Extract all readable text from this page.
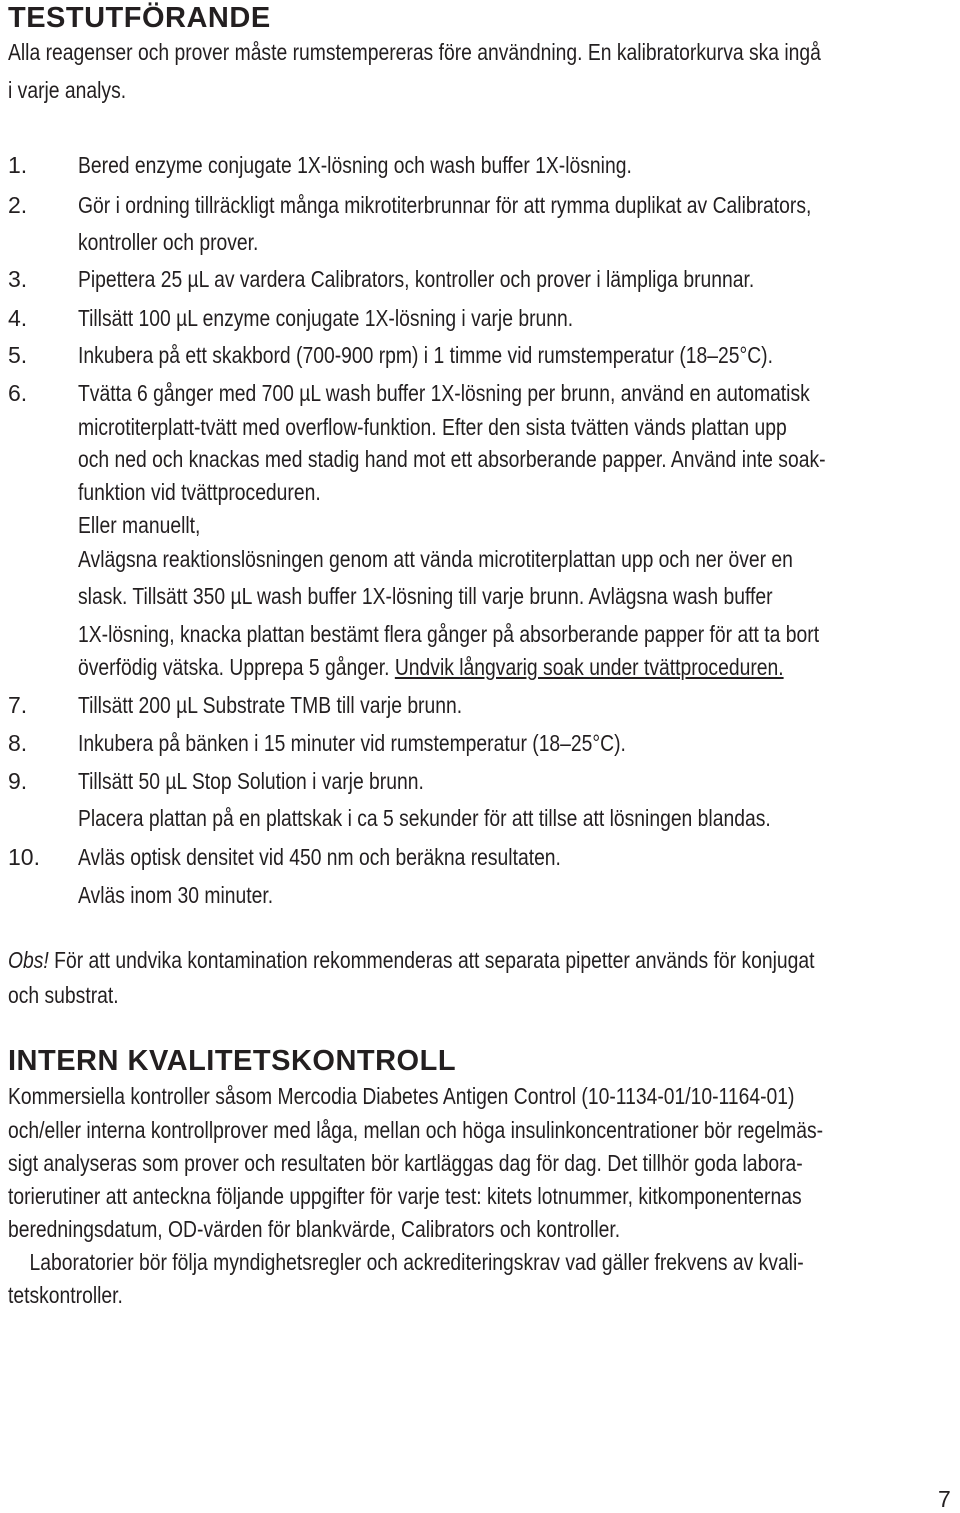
TESTUTFÖRANDE
Alla reagenser och prover måste rumstempereras före användning. En kalibratorkurva ska ingå
i varje analys.
1. Bered enzyme conjugate 1X-lösning och wash buffer 1X-lösning.
2. Gör i ordning tillräckligt många mikrotiterbrunnar för att rymma duplikat av Calibrators,
kontroller och prover.
3. Pipettera 25 µL av vardera Calibrators, kontroller och prover i lämpliga brunnar.
4. Tillsätt 100 µL enzyme conjugate 1X-lösning i varje brunn.
5. Inkubera på ett skakbord (700-900 rpm) i 1 timme vid rumstemperatur (18–25°C).
6. Tvätta 6 gånger med 700 µL wash buffer 1X-lösning per brunn, använd en automatisk
microtiterplatt-tvätt med overflow-funktion. Efter den sista tvätten vänds plattan upp
och ned och knackas med stadig hand mot ett absorberande papper. Använd inte soak-
funktion vid tvättproceduren.
Eller manuellt,
Avlägsna reaktionslösningen genom att vända microtiterplattan upp och ner över en
slask. Tillsätt 350 µL wash buffer 1X-lösning till varje brunn. Avlägsna wash buffer
1X-lösning, knacka plattan bestämt flera gånger på absorberande papper för att ta bort
överfödig vätska. Upprepa 5 gånger. Undvik långvarig soak under tvättproceduren.
7. Tillsätt 200 µL Substrate TMB till varje brunn.
8. Inkubera på bänken i 15 minuter vid rumstemperatur (18–25°C).
9. Tillsätt 50 µL Stop Solution i varje brunn.
Placera plattan på en plattskak i ca 5 sekunder för att tillse att lösningen blandas.
10. Avläs optisk densitet vid 450 nm och beräkna resultaten.
Avläs inom 30 minuter.
Obs! För att undvika kontamination rekommenderas att separata pipetter används för konjugat
och substrat.
INTERN KVALITETSKONTROLL
Kommersiella kontroller såsom Mercodia Diabetes Antigen Control (10-1134-01/10-1164-01)
och/eller interna kontrollprover med låga, mellan och höga insulinkoncentrationer bör regelmäs-
sigt analyseras som prover och resultaten bör kartläggas dag för dag. Det tillhör goda labora-
torierutiner att anteckna följande uppgifter för varje test: kitets lotnummer, kitkomponenternas
beredningsdatum, OD-värden för blankvärde, Calibrators och kontroller.
Laboratorier bör följa myndighetsregler och ackrediteringskrav vad gäller frekvens av kvali-
tetskontroller.
7
